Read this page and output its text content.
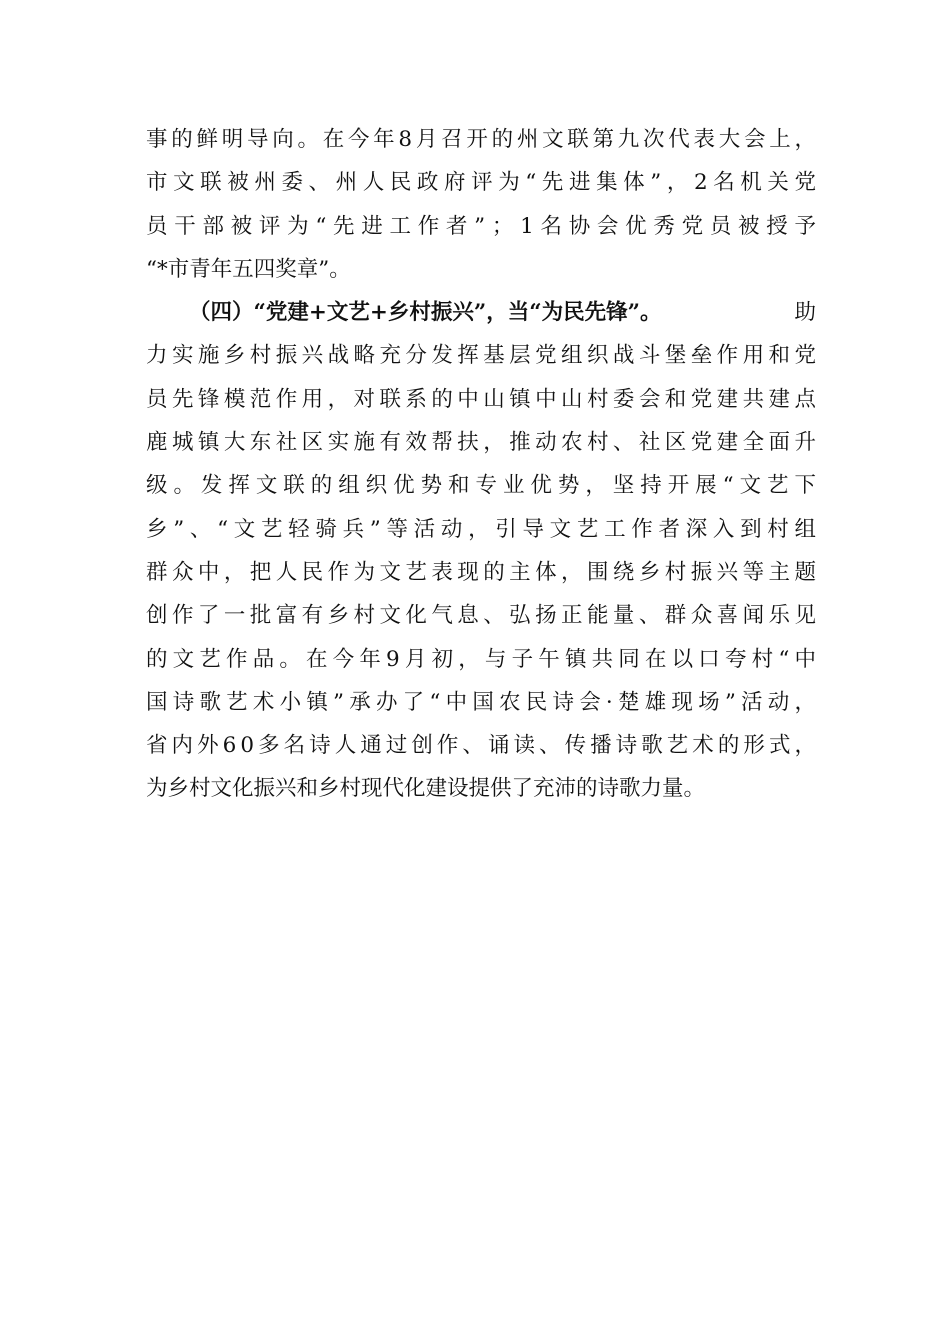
事的鲜明导向。在今年8月召开的州文联第九次代表大会上，
市文联被州委、州人民政府评为“先进集体”，2名机关党
员干部被评为“先进工作者”；1名协会优秀党员被授予
“*市青年五四奖章”。
（四）“党建+文艺+乡村振兴”，当“为民先锋”。	助
力实施乡村振兴战略充分发挥基层党组织战斗堡垒作用和党
员先锋模范作用，对联系的中山镇中山村委会和党建共建点
鹿城镇大东社区实施有效帮扶，推动农村、社区党建全面升
级。发挥文联的组织优势和专业优势，坚持开展“文艺下
乡”、“文艺轻骑兵”等活动，引导文艺工作者深入到村组
群众中，把人民作为文艺表现的主体，围绕乡村振兴等主题
创作了一批富有乡村文化气息、弘扬正能量、群众喜闻乐见
的文艺作品。在今年9月初，与子午镇共同在以口夸村“中
国诗歌艺术小镇”承办了“中国农民诗会·楚雄现场”活动，
省内外60多名诗人通过创作、诵读、传播诗歌艺术的形式，
为乡村文化振兴和乡村现代化建设提供了充沛的诗歌力量。
